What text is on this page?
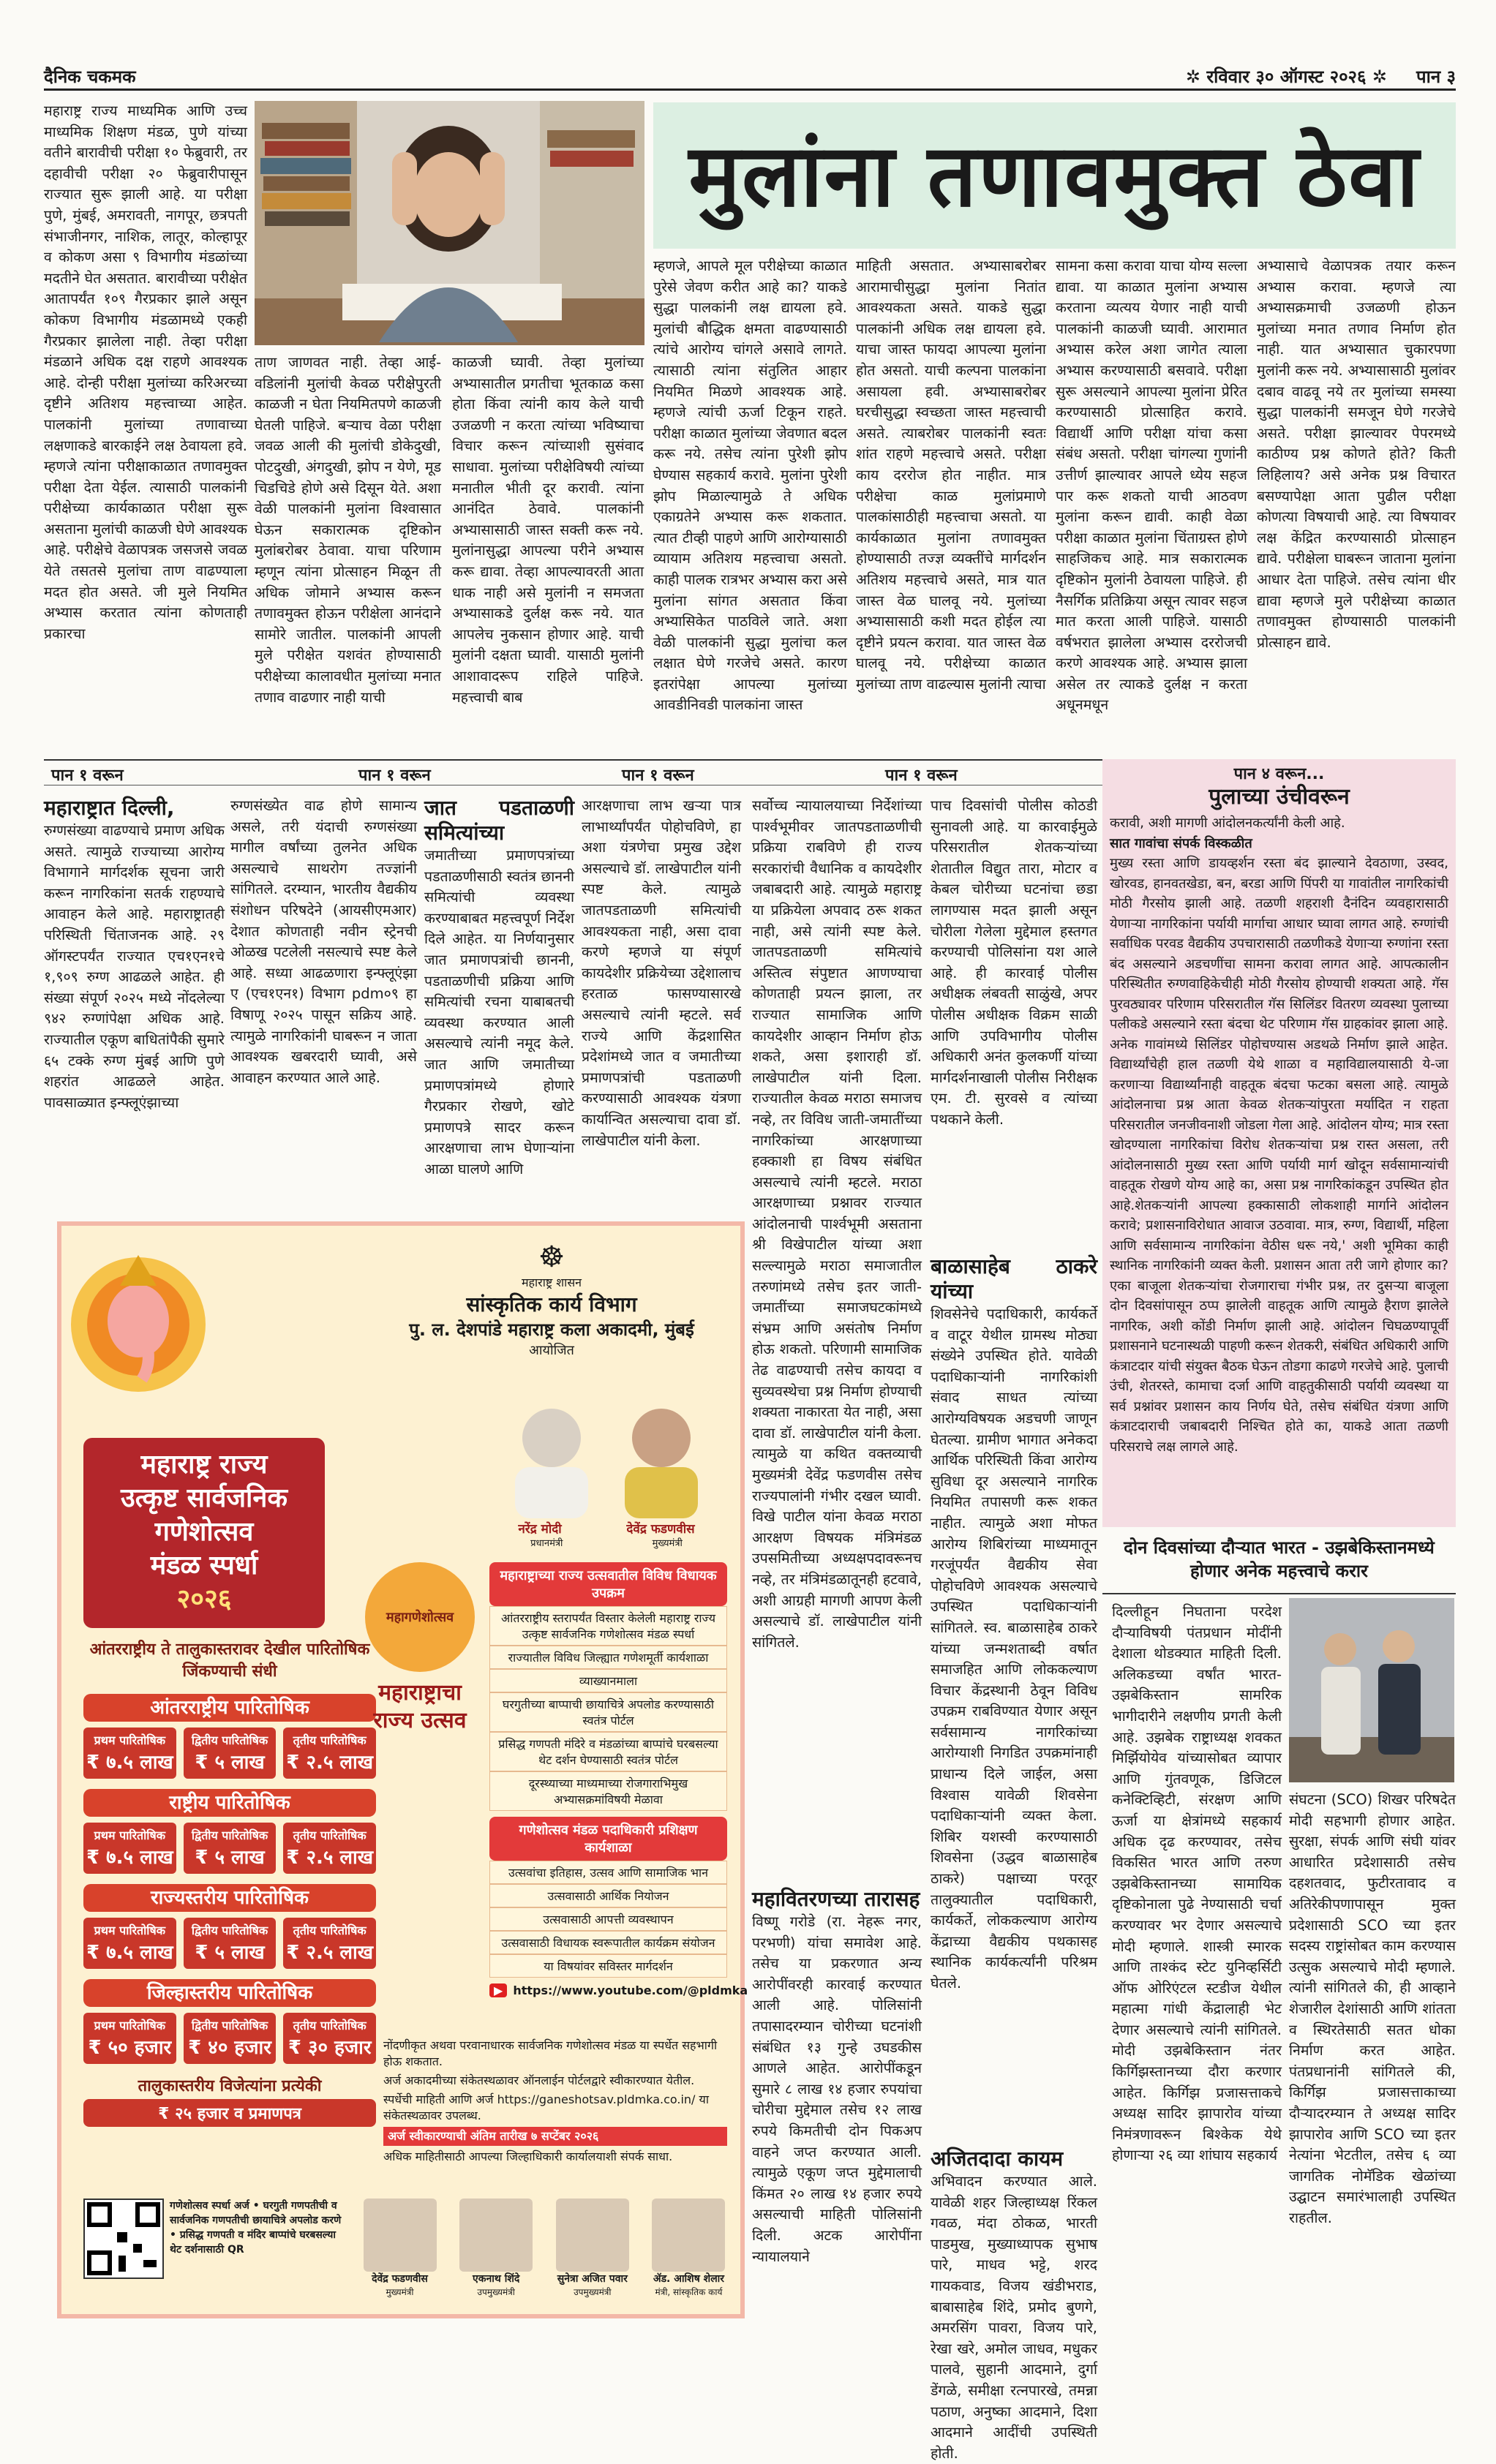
दैनिक चकमक	✲ रविवार ३० ऑगस्ट २०२६ ✲ पान ३
महाराष्ट्र राज्य माध्यमिक आणि उच्च माध्यमिक शिक्षण मंडळ, पुणे यांच्या वतीने बारावीची परीक्षा १० फेब्रुवारी, तर दहावीची परीक्षा २० फेब्रुवारीपासून राज्यात सुरू झाली आहे. या परीक्षा पुणे, मुंबई, अमरावती, नागपूर, छत्रपती संभाजीनगर, नाशिक, लातूर, कोल्हापूर व कोकण असा ९ विभागीय मंडळांच्या मदतीने घेत असतात. बारावीच्या परीक्षेत आतापर्यंत १०९ गैरप्रकार झाले असून कोकण विभागीय मंडळामध्ये एकही गैरप्रकार झालेला नाही. तेव्हा परीक्षा मंडळाने अधिक दक्ष राहणे आवश्यक आहे. दोन्ही परीक्षा मुलांच्या करिअरच्या दृष्टीने अतिशय महत्त्वाच्या आहेत. पालकांनी मुलांच्या तणावाच्या लक्षणाकडे बारकाईने लक्ष ठेवायला हवे. म्हणजे त्यांना परीक्षाकाळात तणावमुक्त परीक्षा देता येईल. त्यासाठी पालकांनी परीक्षेच्या कार्यकाळात परीक्षा सुरू असताना मुलांची काळजी घेणे आवश्यक आहे. परीक्षेचे वेळापत्रक जसजसे जवळ येते तसतसे मुलांचा ताण वाढण्याला मदत होत असते. जी मुले नियमित अभ्यास करतात त्यांना कोणताही प्रकारचा
ताण जाणवत नाही. तेव्हा आई-वडिलांनी मुलांची केवळ परीक्षेपुरती काळजी न घेता नियमितपणे काळजी घेतली पाहिजे. बऱ्याच वेळा परीक्षा जवळ आली की मुलांची डोकेदुखी, पोटदुखी, अंगदुखी, झोप न येणे, मूड चिडचिडे होणे असे दिसून येते. अशा वेळी पालकांनी मुलांना विश्वासात घेऊन सकारात्मक दृष्टिकोन मुलांबरोबर ठेवावा. याचा परिणाम म्हणून त्यांना प्रोत्साहन मिळून ती अधिक जोमाने अभ्यास करून तणावमुक्त होऊन परीक्षेला आनंदाने सामोरे जातील. पालकांनी आपली मुले परीक्षेत यशवंत होण्यासाठी परीक्षेच्या कालावधीत मुलांच्या मनात तणाव वाढणार नाही याची
काळजी घ्यावी. तेव्हा मुलांच्या अभ्यासातील प्रगतीचा भूतकाळ कसा होता किंवा त्यांनी काय केले याची उजळणी न करता त्यांच्या भविष्याचा विचार करून त्यांच्याशी सुसंवाद साधावा. मुलांच्या परीक्षेविषयी त्यांच्या मनातील भीती दूर करावी. त्यांना आनंदित ठेवावे. पालकांनी अभ्यासासाठी जास्त सक्ती करू नये. मुलांनासुद्धा आपल्या परीने अभ्यास करू द्यावा. तेव्हा आपल्यावरती आता धाक नाही असे मुलांनी न समजता अभ्यासाकडे दुर्लक्ष करू नये. यात आपलेच नुकसान होणार आहे. याची मुलांनी दक्षता घ्यावी. यासाठी मुलांनी आशावादरूप राहिले पाहिजे. महत्त्वाची बाब
मुलांना तणावमुक्त ठेवा
म्हणजे, आपले मूल परीक्षेच्या काळात पुरेसे जेवण करीत आहे का? याकडे सुद्धा पालकांनी लक्ष द्यायला हवे. मुलांची बौद्धिक क्षमता वाढण्यासाठी त्यांचे आरोग्य चांगले असावे लागते. त्यासाठी त्यांना संतुलित आहार नियमित मिळणे आवश्यक आहे. म्हणजे त्यांची ऊर्जा टिकून राहते. परीक्षा काळात मुलांच्या जेवणात बदल करू नये. तसेच त्यांना पुरेशी झोप घेण्यास सहकार्य करावे. मुलांना पुरेशी झोप मिळाल्यामुळे ते अधिक एकाग्रतेने अभ्यास करू शकतात. त्यात टीव्ही पाहणे आणि आरोग्यासाठी व्यायाम अतिशय महत्त्वाचा असतो. काही पालक रात्रभर अभ्यास करा असे मुलांना सांगत असतात किंवा अभ्यासिकेत पाठविले जाते. अशा वेळी पालकांनी सुद्धा मुलांचा कल लक्षात घेणे गरजेचे असते. कारण इतरांपेक्षा आपल्या मुलांच्या आवडीनिवडी पालकांना जास्त
माहिती असतात. अभ्यासाबरोबर आरामाचीसुद्धा मुलांना नितांत आवश्यकता असते. याकडे सुद्धा पालकांनी अधिक लक्ष द्यायला हवे. याचा जास्त फायदा आपल्या मुलांना होत असतो. याची कल्पना पालकांना असायला हवी. अभ्यासाबरोबर घरचीसुद्धा स्वच्छता जास्त महत्त्वाची असते. त्याबरोबर पालकांनी स्वतः शांत राहणे महत्त्वाचे असते. परीक्षा काय दररोज होत नाहीत. मात्र परीक्षेचा काळ मुलांप्रमाणे पालकांसाठीही महत्त्वाचा असतो. या कार्यकाळात मुलांना तणावमुक्त होण्यासाठी तज्ज्ञ व्यक्तींचे मार्गदर्शन अतिशय महत्त्वाचे असते, मात्र यात जास्त वेळ घालवू नये. मुलांच्या अभ्यासासाठी कशी मदत होईल त्या दृष्टीने प्रयत्न करावा. यात जास्त वेळ घालवू नये. परीक्षेच्या काळात मुलांच्या ताण वाढल्यास मुलांनी त्याचा
सामना कसा करावा याचा योग्य सल्ला द्यावा. या काळात मुलांना अभ्यास करताना व्यत्यय येणार नाही याची पालकांनी काळजी घ्यावी. आरामात अभ्यास करेल अशा जागेत त्याला अभ्यास करण्यासाठी बसवावे. परीक्षा सुरू असल्याने आपल्या मुलांना प्रेरित करण्यासाठी प्रोत्साहित करावे. विद्यार्थी आणि परीक्षा यांचा कसा संबंध असतो. परीक्षा चांगल्या गुणांनी उत्तीर्ण झाल्यावर आपले ध्येय सहज पार करू शकतो याची आठवण मुलांना करून द्यावी. काही वेळा परीक्षा काळात मुलांना चिंताग्रस्त होणे साहजिकच आहे. मात्र सकारात्मक दृष्टिकोन मुलांनी ठेवायला पाहिजे. ही नैसर्गिक प्रतिक्रिया असून त्यावर सहज मात करता आली पाहिजे. यासाठी वर्षभरात झालेला अभ्यास दररोजची करणे आवश्यक आहे. अभ्यास झाला असेल तर त्याकडे दुर्लक्ष न करता अधूनमधून
अभ्यासाचे वेळापत्रक तयार करून अभ्यास करावा. म्हणजे त्या अभ्यासक्रमाची उजळणी होऊन मुलांच्या मनात तणाव निर्माण होत नाही. यात अभ्यासात चुकारपणा मुलांनी करू नये. अभ्यासासाठी मुलांवर दबाव वाढवू नये तर मुलांच्या समस्या सुद्धा पालकांनी समजून घेणे गरजेचे असते. परीक्षा झाल्यावर पेपरमध्ये काठीण्य प्रश्न कोणते होते? किती लिहिलाय? असे अनेक प्रश्न विचारत बसण्यापेक्षा आता पुढील परीक्षा कोणत्या विषयाची आहे. त्या विषयावर लक्ष केंद्रित करण्यासाठी प्रोत्साहन द्यावे. परीक्षेला घाबरून जाताना मुलांना आधार देता पाहिजे. तसेच त्यांना धीर द्यावा म्हणजे मुले परीक्षेच्या काळात तणावमुक्त होण्यासाठी पालकांनी प्रोत्साहन द्यावे.
पान १ वरून	पान १ वरून	पान १ वरून	पान १ वरून
महाराष्ट्रात दिल्ली,
रुग्णसंख्या वाढण्याचे प्रमाण अधिक असते. त्यामुळे राज्याच्या आरोग्य विभागाने मार्गदर्शक सूचना जारी करून नागरिकांना सतर्क राहण्याचे आवाहन केले आहे. महाराष्ट्रातही परिस्थिती चिंताजनक आहे. २९ ऑगस्टपर्यंत राज्यात एच१एन१चे १,९०९ रुग्ण आढळले आहेत. ही संख्या संपूर्ण २०२५ मध्ये नोंदलेल्या ९४२ रुग्णांपेक्षा अधिक आहे. राज्यातील एकूण बाधितांपैकी सुमारे ६५ टक्के रुग्ण मुंबई आणि पुणे शहरांत आढळले आहेत. पावसाळ्यात इन्फ्लूएंझाच्या
रुग्णसंख्येत वाढ होणे सामान्य असले, तरी यंदाची रुग्णसंख्या मागील वर्षांच्या तुलनेत अधिक असल्याचे साथरोग तज्ज्ञांनी सांगितले. दरम्यान, भारतीय वैद्यकीय संशोधन परिषदेने (आयसीएमआर) देशात कोणताही नवीन स्ट्रेनची ओळख पटलेली नसल्याचे स्पष्ट केले आहे. सध्या आढळणारा इन्फ्लूएंझा ए (एच१एन१) विभाग pdm०९ हा विषाणू २०२५ पासून सक्रिय आहे. त्यामुळे नागरिकांनी घाबरून न जाता आवश्यक खबरदारी घ्यावी, असे आवाहन करण्यात आले आहे.
जात पडताळणी समित्यांच्या
जमातीच्या प्रमाणपत्रांच्या पडताळणीसाठी स्वतंत्र छाननी समित्यांची व्यवस्था करण्याबाबत महत्त्वपूर्ण निर्देश दिले आहेत. या निर्णयानुसार जात प्रमाणपत्रांची छाननी, पडताळणीची प्रक्रिया आणि समित्यांची रचना याबाबतची व्यवस्था करण्यात आली असल्याचे त्यांनी नमूद केले. जात आणि जमातीच्या प्रमाणपत्रांमध्ये होणारे गैरप्रकार रोखणे, खोटे प्रमाणपत्रे सादर करून आरक्षणाचा लाभ घेणाऱ्यांना आळा घालणे आणि
आरक्षणाचा लाभ खऱ्या पात्र लाभार्थ्यांपर्यंत पोहोचविणे, हा अशा यंत्रणेचा प्रमुख उद्देश असल्याचे डॉ. लाखेपाटील यांनी स्पष्ट केले. त्यामुळे जातपडताळणी समित्यांची आवश्यकता नाही, असा दावा करणे म्हणजे या संपूर्ण कायदेशीर प्रक्रियेच्या उद्देशालाच हरताळ फासण्यासारखे असल्याचे त्यांनी म्हटले. सर्व राज्ये आणि केंद्रशासित प्रदेशांमध्ये जात व जमातीच्या प्रमाणपत्रांची पडताळणी करण्यासाठी आवश्यक यंत्रणा कार्यान्वित असल्याचा दावा डॉ. लाखेपाटील यांनी केला.
सर्वोच्च न्यायालयाच्या निर्देशांच्या पार्श्वभूमीवर जातपडताळणीची प्रक्रिया राबविणे ही राज्य सरकारांची वैधानिक व कायदेशीर जबाबदारी आहे. त्यामुळे महाराष्ट्र या प्रक्रियेला अपवाद ठरू शकत नाही, असे त्यांनी स्पष्ट केले. जातपडताळणी समित्यांचे अस्तित्व संपुष्टात आणण्याचा कोणताही प्रयत्न झाला, तर राज्यात सामाजिक आणि कायदेशीर आव्हान निर्माण होऊ शकते, असा इशाराही डॉ. लाखेपाटील यांनी दिला. राज्यातील केवळ मराठा समाजच नव्हे, तर विविध जाती-जमातींच्या नागरिकांच्या आरक्षणाच्या हक्काशी हा विषय संबंधित असल्याचे त्यांनी म्हटले. मराठा आरक्षणाच्या प्रश्नावर राज्यात आंदोलनाची पार्श्वभूमी असताना श्री विखेपाटील यांच्या अशा सल्ल्यामुळे मराठा समाजातील तरुणांमध्ये तसेच इतर जाती-जमातींच्या समाजघटकांमध्ये संभ्रम आणि असंतोष निर्माण होऊ शकतो. परिणामी सामाजिक तेढ वाढण्याची तसेच कायदा व सुव्यवस्थेचा प्रश्न निर्माण होण्याची शक्यता नाकारता येत नाही, असा दावा डॉ. लाखेपाटील यांनी केला. त्यामुळे या कथित वक्तव्याची मुख्यमंत्री देवेंद्र फडणवीस तसेच राज्यपालांनी गंभीर दखल घ्यावी. विखे पाटील यांना केवळ मराठा आरक्षण विषयक मंत्रिमंडळ उपसमितीच्या अध्यक्षपदावरूनच नव्हे, तर मंत्रिमंडळातूनही हटवावे, अशी आग्रही मागणी आपण केली असल्याचे डॉ. लाखेपाटील यांनी सांगितले.
महावितरणच्या तारासह
विष्णू गरोडे (रा. नेहरू नगर, परभणी) यांचा समावेश आहे. तसेच या प्रकरणात अन्य आरोपींवरही कारवाई करण्यात आली आहे. पोलिसांनी तपासादरम्यान चोरीच्या घटनांशी संबंधित १३ गुन्हे उघडकीस आणले आहेत. आरोपींकडून सुमारे ८ लाख १४ हजार रुपयांचा चोरीचा मुद्देमाल तसेच १२ लाख रुपये किमतीची दोन पिकअप वाहने जप्त करण्यात आली. त्यामुळे एकूण जप्त मुद्देमालाची किंमत २० लाख १४ हजार रुपये असल्याची माहिती पोलिसांनी दिली. अटक आरोपींना न्यायालयाने
पाच दिवसांची पोलीस कोठडी सुनावली आहे. या कारवाईमुळे परिसरातील शेतकऱ्यांच्या शेतातील विद्युत तारा, मोटार व केबल चोरीच्या घटनांचा छडा लागण्यास मदत झाली असून चोरीला गेलेला मुद्देमाल हस्तगत करण्याची पोलिसांना यश आले आहे. ही कारवाई पोलीस अधीक्षक लंबवती साळुंखे, अपर पोलीस अधीक्षक विक्रम साळी आणि उपविभागीय पोलीस अधिकारी अनंत कुलकर्णी यांच्या मार्गदर्शनाखाली पोलीस निरीक्षक एम. टी. सुरवसे व त्यांच्या पथकाने केली.
बाळासाहेब ठाकरे यांच्या
शिवसेनेचे पदाधिकारी, कार्यकर्ते व वाटूर येथील ग्रामस्थ मोठ्या संख्येने उपस्थित होते. यावेळी पदाधिकाऱ्यांनी नागरिकांशी संवाद साधत त्यांच्या आरोग्यविषयक अडचणी जाणून घेतल्या. ग्रामीण भागात अनेकदा आर्थिक परिस्थिती किंवा आरोग्य सुविधा दूर असल्याने नागरिक नियमित तपासणी करू शकत नाहीत. त्यामुळे अशा मोफत आरोग्य शिबिरांच्या माध्यमातून गरजूंपर्यंत वैद्यकीय सेवा पोहोचविणे आवश्यक असल्याचे उपस्थित पदाधिकाऱ्यांनी सांगितले. स्व. बाळासाहेब ठाकरे यांच्या जन्मशताब्दी वर्षात समाजहित आणि लोककल्याण विचार केंद्रस्थानी ठेवून विविध उपक्रम राबविण्यात येणार असून सर्वसामान्य नागरिकांच्या आरोग्याशी निगडित उपक्रमांनाही प्राधान्य दिले जाईल, असा विश्वास यावेळी शिवसेना पदाधिकाऱ्यांनी व्यक्त केला. शिबिर यशस्वी करण्यासाठी शिवसेना (उद्धव बाळासाहेब ठाकरे) पक्षाच्या परतूर तालुक्यातील पदाधिकारी, कार्यकर्ते, लोककल्याण आरोग्य केंद्राच्या वैद्यकीय पथकासह स्थानिक कार्यकर्त्यांनी परिश्रम घेतले.
अजितदादा कायम
अभिवादन करण्यात आले. यावेळी शहर जिल्हाध्यक्ष रिंकल गवळ, मंदा ठोकळ, भारती पाडमुख, मुख्याध्यापक सुभाष पारे, माधव भट्टे, शरद गायकवाड, विजय खंडीभराड, बाबासाहेब शिंदे, प्रमोद बुणगे, अमरसिंग पावरा, विजय पारे, रेखा खरे, अमोल जाधव, मधुकर पालवे, सुहानी आदमाने, दुर्गा डेंगळे, समीक्षा रत्नपारखे, तमन्ना पठाण, अनुष्का आदमाने, दिशा आदमाने आदींची उपस्थिती होती.
पान ४ वरून...
पुलाच्या उंचीवरून
करावी, अशी मागणी आंदोलनकर्त्यांनी केली आहे.
सात गावांचा संपर्क विस्कळीत
मुख्य रस्ता आणि डायव्हर्शन रस्ता बंद झाल्याने देवठाणा, उस्वद, खोरवड, हानवतखेडा, बन, बरडा आणि पिंपरी या गावांतील नागरिकांची मोठी गैरसोय झाली आहे. तळणी शहराशी दैनंदिन व्यवहारासाठी येणाऱ्या नागरिकांना पर्यायी मार्गाचा आधार घ्यावा लागत आहे. रुग्णांची सर्वाधिक परवड वैद्यकीय उपचारासाठी तळणीकडे येणाऱ्या रुग्णांना रस्ता बंद असल्याने अडचणींचा सामना करावा लागत आहे. आपत्कालीन परिस्थितीत रुग्णवाहिकेचीही मोठी गैरसोय होण्याची शक्यता आहे. गॅस पुरवठ्यावर परिणाम परिसरातील गॅस सिलिंडर वितरण व्यवस्था पुलाच्या पलीकडे असल्याने रस्ता बंदचा थेट परिणाम गॅस ग्राहकांवर झाला आहे. अनेक गावांमध्ये सिलिंडर पोहोचण्यास अडथळे निर्माण झाले आहेत. विद्यार्थ्यांचेही हाल तळणी येथे शाळा व महाविद्यालयासाठी ये-जा करणाऱ्या विद्यार्थ्यांनाही वाहतूक बंदचा फटका बसला आहे. त्यामुळे आंदोलनाचा प्रश्न आता केवळ शेतकऱ्यांपुरता मर्यादित न राहता परिसरातील जनजीवनाशी जोडला गेला आहे. आंदोलन योग्य; मात्र रस्ता खोदण्याला नागरिकांचा विरोध शेतकऱ्यांचा प्रश्न रास्त असला, तरी आंदोलनासाठी मुख्य रस्ता आणि पर्यायी मार्ग खोदून सर्वसामान्यांची वाहतूक रोखणे योग्य आहे का, असा प्रश्न नागरिकांकडून उपस्थित होत आहे.शेतकऱ्यांनी आपल्या हक्कासाठी लोकशाही मार्गाने आंदोलन करावे; प्रशासनाविरोधात आवाज उठवावा. मात्र, रुग्ण, विद्यार्थी, महिला आणि सर्वसामान्य नागरिकांना वेठीस धरू नये,' अशी भूमिका काही स्थानिक नागरिकांनी व्यक्त केली. प्रशासन आता तरी जागे होणार का? एका बाजूला शेतकऱ्यांचा रोजगाराचा गंभीर प्रश्न, तर दुसऱ्या बाजूला दोन दिवसांपासून ठप्प झालेली वाहतूक आणि त्यामुळे हैराण झालेले नागरिक, अशी कोंडी निर्माण झाली आहे. आंदोलन चिघळण्यापूर्वी प्रशासनाने घटनास्थळी पाहणी करून शेतकरी, संबंधित अधिकारी आणि कंत्राटदार यांची संयुक्त बैठक घेऊन तोडगा काढणे गरजेचे आहे. पुलाची उंची, शेतरस्ते, कामाचा दर्जा आणि वाहतुकीसाठी पर्यायी व्यवस्था या सर्व प्रश्नांवर प्रशासन काय निर्णय घेते, तसेच संबंधित यंत्रणा आणि कंत्राटदाराची जबाबदारी निश्चित होते का, याकडे आता तळणी परिसराचे लक्ष लागले आहे.
दोन दिवसांच्या दौऱ्यात भारत - उझबेकिस्तानमध्ये होणार अनेक महत्त्वाचे करार
दिल्लीहून निघताना परदेश दौऱ्याविषयी पंतप्रधान मोदींनी देशाला थोडक्यात माहिती दिली. अलिकडच्या वर्षांत भारत-उझबेकिस्तान सामरिक भागीदारीने लक्षणीय प्रगती केली आहे. उझबेक राष्ट्राध्यक्ष शवकत मिर्झियोयेव यांच्यासोबत व्यापार आणि गुंतवणूक, डिजिटल कनेक्टिव्हिटी, संरक्षण आणि ऊर्जा या क्षेत्रांमध्ये सहकार्य अधिक दृढ करण्यावर, तसेच विकसित भारत आणि तरुण उझबेकिस्तानच्या सामायिक दृष्टिकोनाला पुढे नेण्यासाठी चर्चा करण्यावर भर देणार असल्याचे मोदी म्हणाले. शास्त्री स्मारक आणि ताश्कंद स्टेट युनिव्हर्सिटी ऑफ ओरिएंटल स्टडीज येथील महात्मा गांधी केंद्रालाही भेट देणार असल्याचे त्यांनी सांगितले. मोदी उझबेकिस्तान नंतर किर्गिझस्तानच्या दौरा करणार आहेत. किर्गिझ प्रजासत्ताकचे अध्यक्ष सादिर झापारोव यांच्या निमंत्रणावरून बिश्केक येथे होणाऱ्या २६ व्या शांघाय सहकार्य
संघटना (SCO) शिखर परिषदेत मोदी सहभागी होणार आहेत. सुरक्षा, संपर्क आणि संघी यांवर आधारित प्रदेशासाठी तसेच दहशतवाद, फुटीरतावाद व अतिरेकीपणापासून मुक्त प्रदेशासाठी SCO च्या इतर सदस्य राष्ट्रांसोबत काम करण्यास उत्सुक असल्याचे मोदी म्हणाले. त्यांनी सांगितले की, ही आव्हाने शेजारील देशांसाठी आणि शांतता व स्थिरतेसाठी सतत धोका निर्माण करत आहेत. पंतप्रधानांनी सांगितले की, किर्गिझ प्रजासत्ताकाच्या दौऱ्यादरम्यान ते अध्यक्ष सादिर झापारोव आणि SCO च्या इतर नेत्यांना भेटतील, तसेच ६ व्या जागतिक नोमॅडिक खेळांच्या उद्घाटन समारंभालाही उपस्थित राहतील.
महाराष्ट्र राज्य
उत्कृष्ट सार्वजनिक
गणेशोत्सव
मंडळ स्पर्धा
२०२६
आंतरराष्ट्रीय ते तालुकास्तरावर देखील पारितोषिक जिंकण्याची संधी
आंतरराष्ट्रीय पारितोषिक
प्रथम पारितोषिक
₹ ७.५ लाख
द्वितीय पारितोषिक
₹ ५ लाख
तृतीय पारितोषिक
₹ २.५ लाख
राष्ट्रीय पारितोषिक
प्रथम पारितोषिक
₹ ७.५ लाख
द्वितीय पारितोषिक
₹ ५ लाख
तृतीय पारितोषिक
₹ २.५ लाख
राज्यस्तरीय पारितोषिक
प्रथम पारितोषिक
₹ ७.५ लाख
द्वितीय पारितोषिक
₹ ५ लाख
तृतीय पारितोषिक
₹ २.५ लाख
जिल्हास्तरीय पारितोषिक
प्रथम पारितोषिक
₹ ५० हजार
द्वितीय पारितोषिक
₹ ४० हजार
तृतीय पारितोषिक
₹ ३० हजार
तालुकास्तरीय विजेत्यांना प्रत्येकी
₹ २५ हजार व प्रमाणपत्र
गणेशोत्सव स्पर्धा अर्ज • घरगुती गणपतीची व सार्वजनिक गणपतीची छायाचित्रे अपलोड करणे • प्रसिद्ध गणपती व मंदिर बाप्पांचे घरबसल्या थेट दर्शनासाठी QR
☸
महाराष्ट्र शासन
सांस्कृतिक कार्य विभाग
पु. ल. देशपांडे महाराष्ट्र कला अकादमी, मुंबई
आयोजित
नरेंद्र मोदी	देवेंद्र फडणवीस
प्रधानमंत्री	मुख्यमंत्री
महागणेशोत्सव
महाराष्ट्राचा राज्य उत्सव
महाराष्ट्राच्या राज्य उत्सवातील विविध विधायक उपक्रम
आंतरराष्ट्रीय स्तरापर्यंत विस्तार केलेली महाराष्ट्र राज्य उत्कृष्ट सार्वजनिक गणेशोत्सव मंडळ स्पर्धा
राज्यातील विविध जिल्ह्यात गणेशमूर्ती कार्यशाळा
व्याख्यानमाला
घरगुतीच्या बाप्पाची छायाचित्रे अपलोड करण्यासाठी स्वतंत्र पोर्टल
प्रसिद्ध गणपती मंदिरे व मंडळांच्या बाप्पांचे घरबसल्या थेट दर्शन घेण्यासाठी स्वतंत्र पोर्टल
दूरस्थ्याच्या माध्यमाच्या रोजगाराभिमुख अभ्यासक्रमांविषयी मेळावा
गणेशोत्सव मंडळ पदाधिकारी प्रशिक्षण कार्यशाळा
उत्सवांचा इतिहास, उत्सव आणि सामाजिक भान
उत्सवासाठी आर्थिक नियोजन
उत्सवासाठी आपत्ती व्यवस्थापन
उत्सवासाठी विधायक स्वरूपातील कार्यक्रम संयोजन
या विषयांवर सविस्तर मार्गदर्शन
▶ https://www.youtube.com/@pldmka
नोंदणीकृत अथवा परवानाधारक सार्वजनिक गणेशोत्सव मंडळ या स्पर्धेत सहभागी होऊ शकतात.
अर्ज अकादमीच्या संकेतस्थळावर ऑनलाईन पोर्टलद्वारे स्वीकारण्यात येतील.
स्पर्धेची माहिती आणि अर्ज https://ganeshotsav.pldmka.co.in/ या संकेतस्थळावर उपलब्ध.
अर्ज स्वीकारण्याची अंतिम तारीख ७ सप्टेंबर २०२६
अधिक माहितीसाठी आपल्या जिल्हाधिकारी कार्यालयाशी संपर्क साधा.
देवेंद्र फडणवीस
मुख्यमंत्री
एकनाथ शिंदे
उपमुख्यमंत्री
सुनेत्रा अजित पवार
उपमुख्यमंत्री
ॲड. आशिष शेलार
मंत्री, सांस्कृतिक कार्य
